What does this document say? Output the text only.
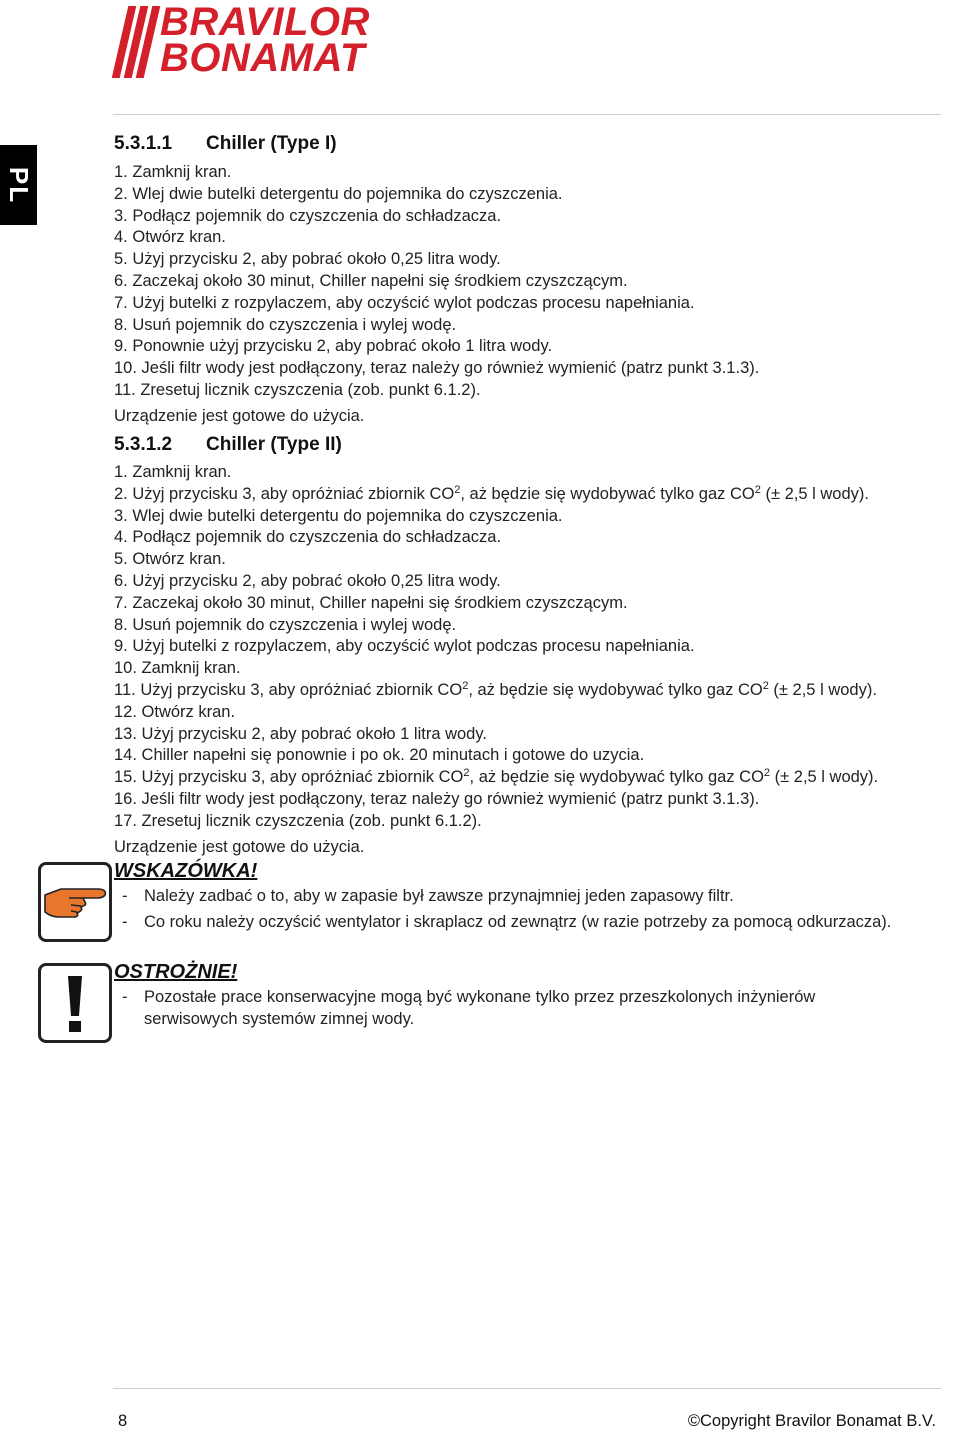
BRAVILOR
BONAMAT
PL
5.3.1.1 Chiller (Type I)
1. Zamknij kran.
2. Wlej dwie butelki detergentu do pojemnika do czyszczenia.
3. Podłącz pojemnik do czyszczenia do schładzacza.
4. Otwórz kran.
5. Użyj przycisku 2, aby pobrać około 0,25 litra wody.
6. Zaczekaj około 30 minut, Chiller napełni się środkiem czyszczącym.
7. Użyj butelki z rozpylaczem, aby oczyścić wylot podczas procesu napełniania.
8. Usuń pojemnik do czyszczenia i wylej wodę.
9. Ponownie użyj przycisku 2, aby pobrać około 1 litra wody.
10. Jeśli filtr wody jest podłączony, teraz należy go również wymienić (patrz punkt 3.1.3).
11. Zresetuj licznik czyszczenia (zob. punkt 6.1.2).
Urządzenie jest gotowe do użycia.
5.3.1.2 Chiller (Type II)
1. Zamknij kran.
2. Użyj przycisku 3, aby opróżniać zbiornik $CO^2$, aż będzie się wydobywać tylko gaz $CO^2$ (± 2,5 l wody).
3. Wlej dwie butelki detergentu do pojemnika do czyszczenia.
4. Podłącz pojemnik do czyszczenia do schładzacza.
5. Otwórz kran.
6. Użyj przycisku 2, aby pobrać około 0,25 litra wody.
7. Zaczekaj około 30 minut, Chiller napełni się środkiem czyszczącym.
8. Usuń pojemnik do czyszczenia i wylej wodę.
9. Użyj butelki z rozpylaczem, aby oczyścić wylot podczas procesu napełniania.
10. Zamknij kran.
11. Użyj przycisku 3, aby opróżniać zbiornik $CO^2$, aż będzie się wydobywać tylko gaz $CO^2$ (± 2,5 l wody).
12. Otwórz kran.
13. Użyj przycisku 2, aby pobrać około 1 litra wody.
14. Chiller napełni się ponownie i po ok. 20 minutach i gotowe do uzycia.
15. Użyj przycisku 3, aby opróżniać zbiornik $CO^2$, aż będzie się wydobywać tylko gaz $CO^2$ (± 2,5 l wody).
16. Jeśli filtr wody jest podłączony, teraz należy go również wymienić (patrz punkt 3.1.3).
17. Zresetuj licznik czyszczenia (zob. punkt 6.1.2).
Urządzenie jest gotowe do użycia.
WSKAZÓWKA!
- Należy zadbać o to, aby w zapasie był zawsze przynajmniej jeden zapasowy filtr.
- Co roku należy oczyścić wentylator i skraplacz od zewnątrz (w razie potrzeby za pomocą odkurzacza).
OSTROŻNIE!
- Pozostałe prace konserwacyjne mogą być wykonane tylko przez przeszkolonych inżynierów serwisowych systemów zimnej wody.
8	©Copyright Bravilor Bonamat B.V.
